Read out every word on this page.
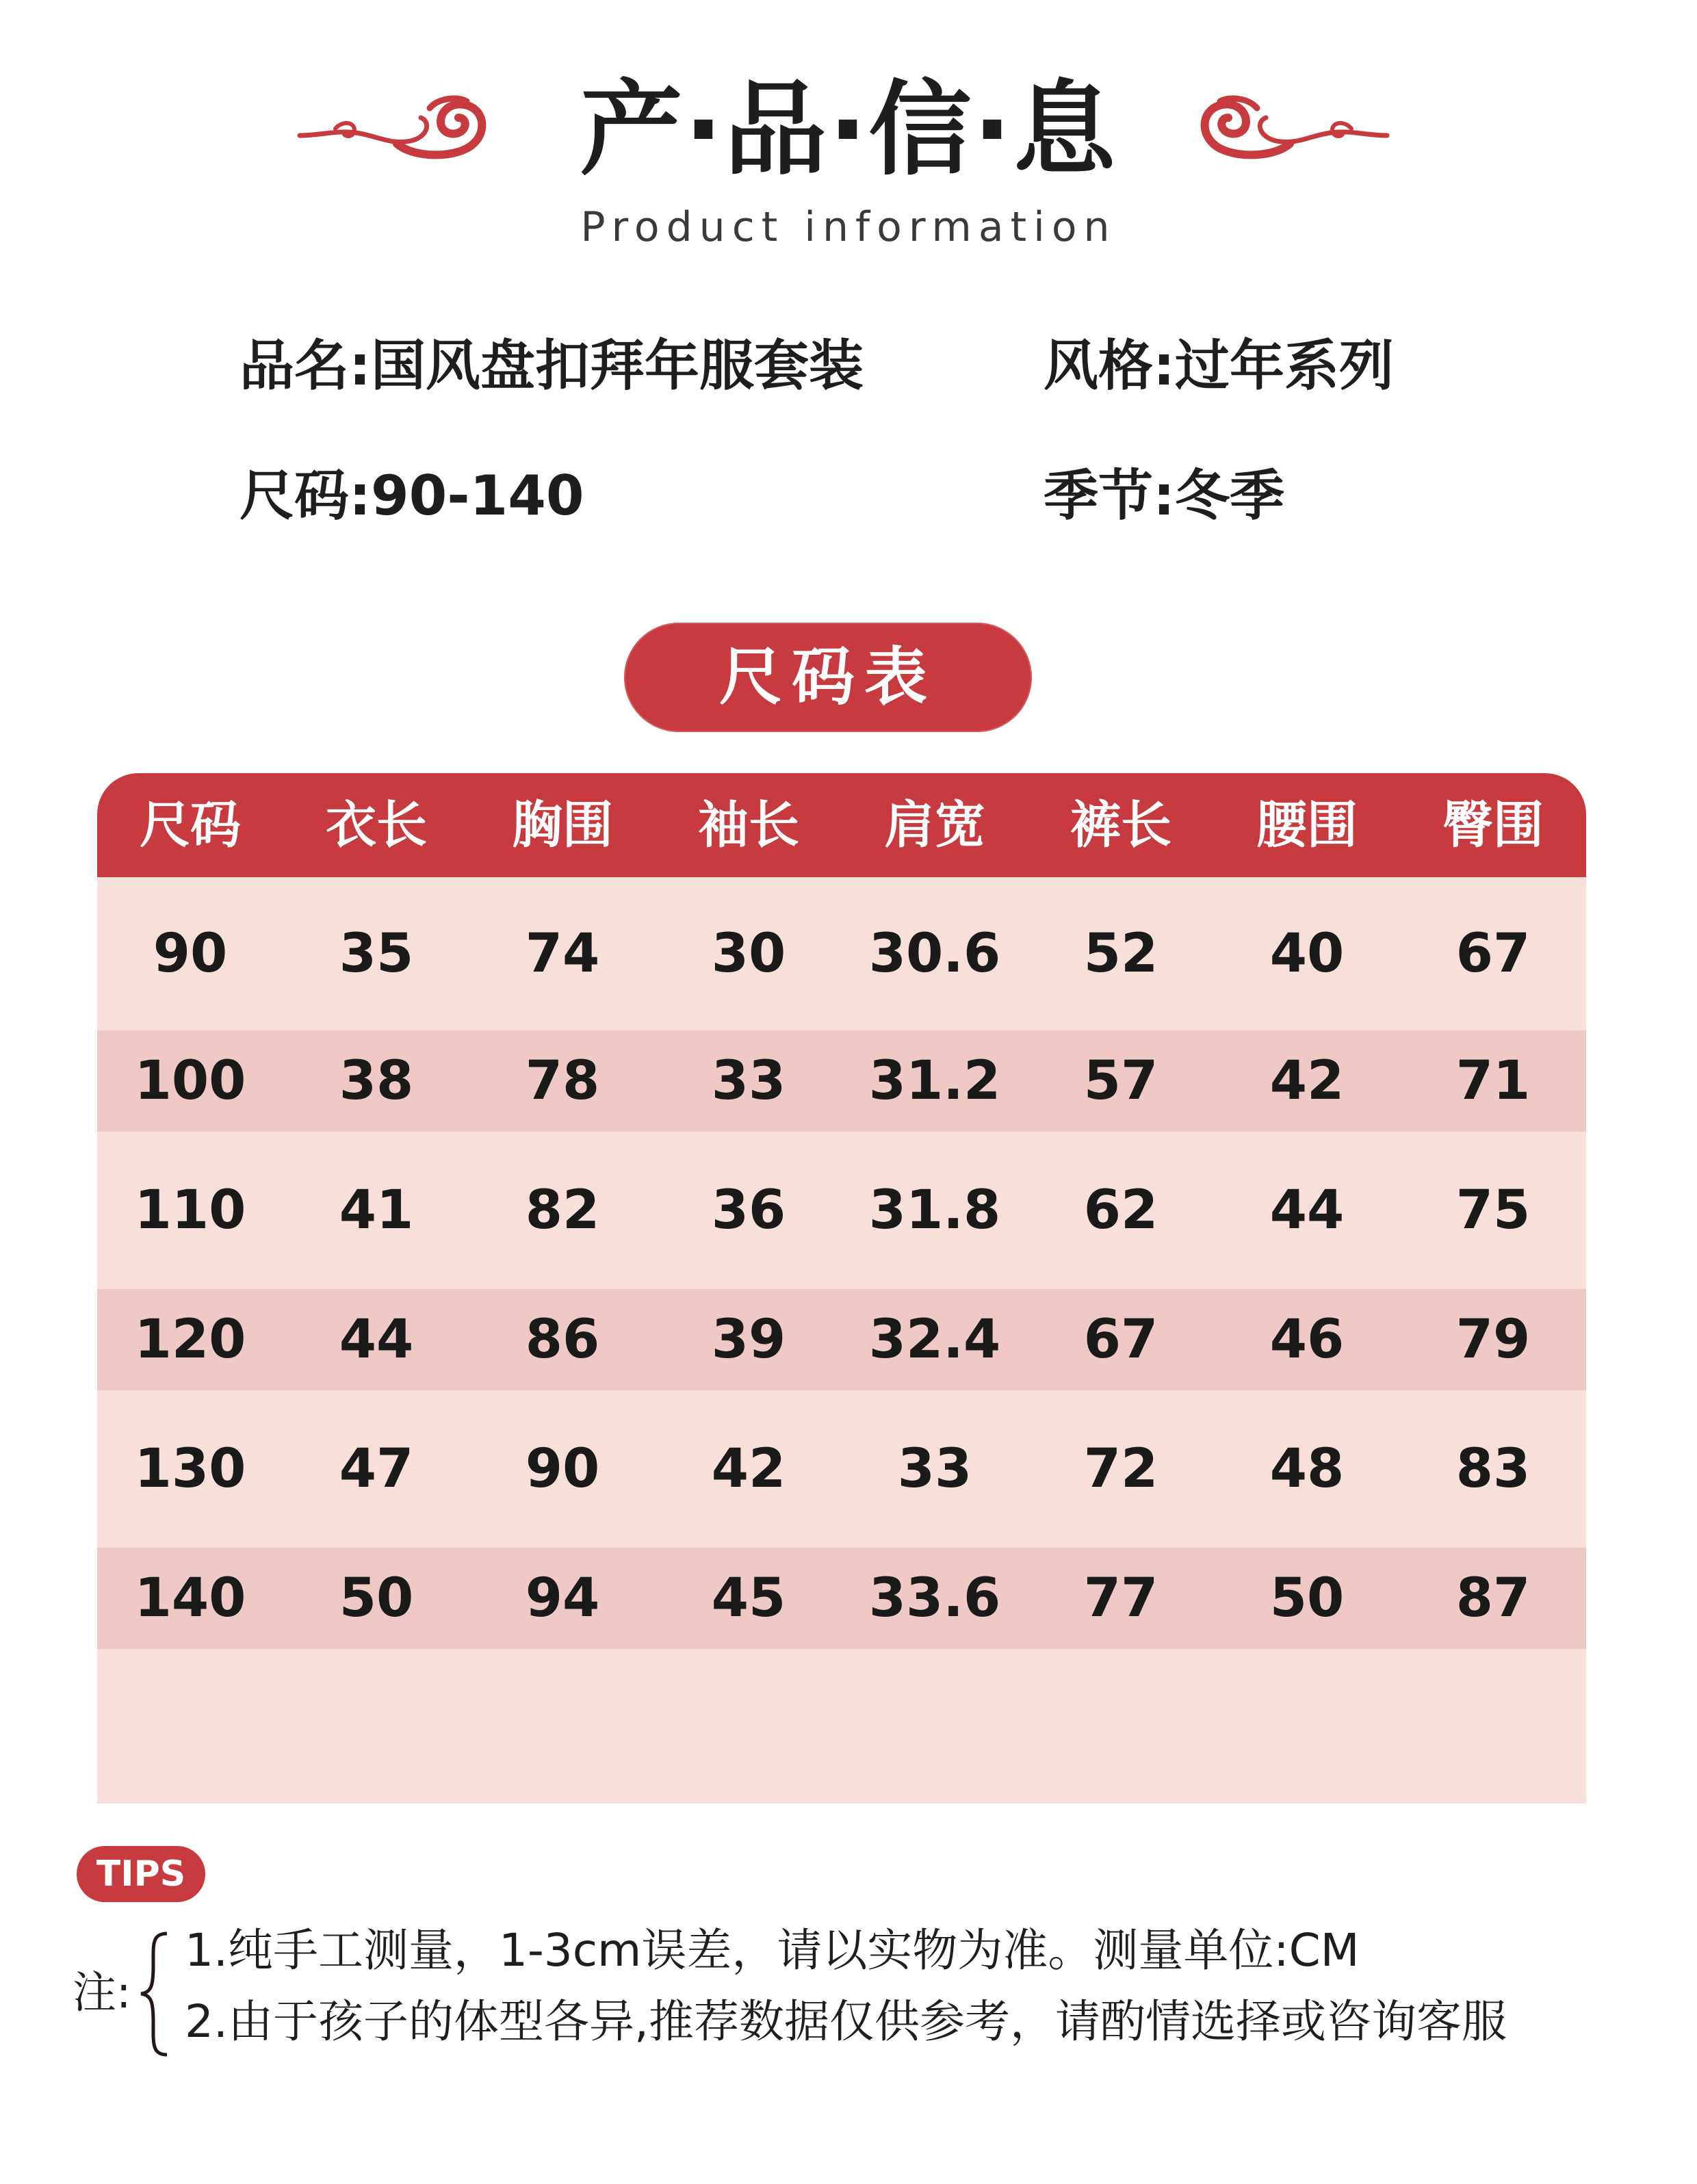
产·品·信·息
Product information
品名:国风盘扣拜年服套装	风格:过年系列
尺码:90-140	季节:冬季
尺码表
尺码	衣长	胸围	袖长	肩宽	裤长	腰围	臀围
90	35	74	30	30.6	52	40	67
100	38	78	33	31.2	57	42	71
110	41	82	36	31.8	62	44	75
120	44	86	39	32.4	67	46	79
130	47	90	42	33	72	48	83
140	50	94	45	33.6	77	50	87
TIPS
注:
1.纯手工测量，1-3cm误差，请以实物为准。测量单位:CM
2.由于孩子的体型各异,推荐数据仅供参考，请酌情选择或咨询客服
